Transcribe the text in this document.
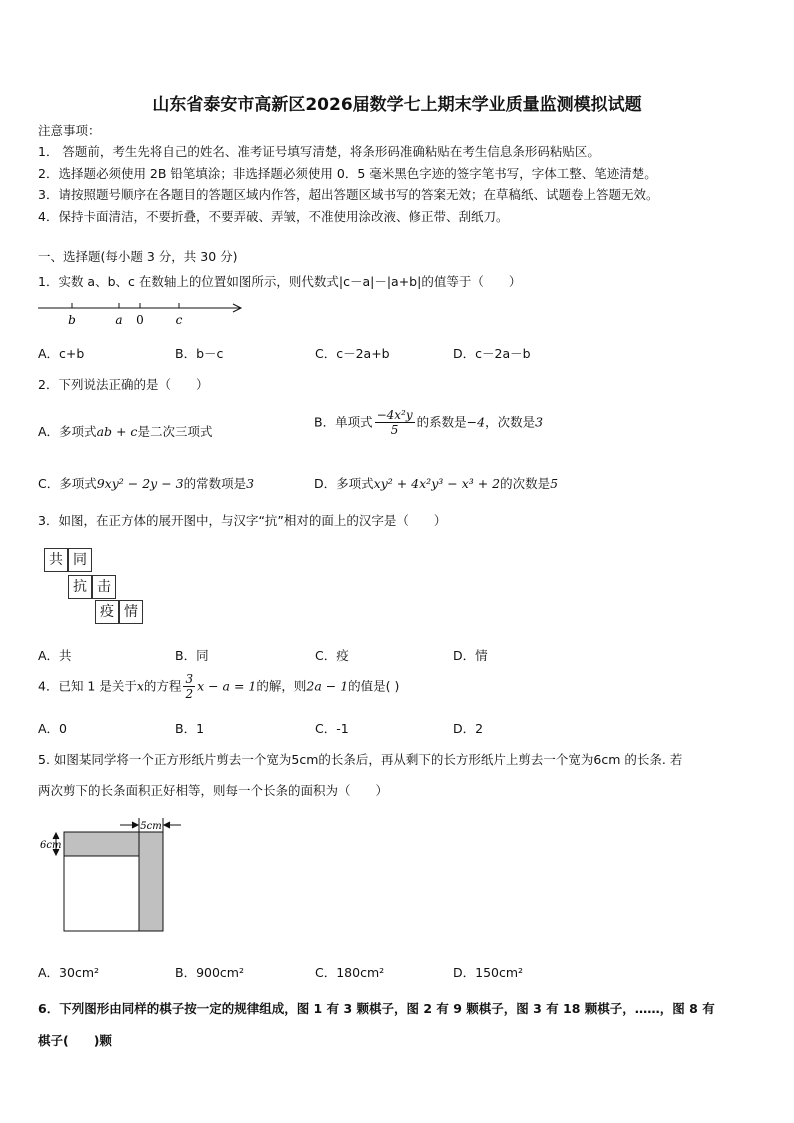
山东省泰安市高新区2026届数学七上期末学业质量监测模拟试题
注意事项：
1． 答题前，考生先将自己的姓名、准考证号填写清楚，将条形码准确粘贴在考生信息条形码粘贴区。
2．选择题必须使用 2B 铅笔填涂；非选择题必须使用 0．5 毫米黑色字迹的签字笔书写，字体工整、笔迹清楚。
3．请按照题号顺序在各题目的答题区域内作答，超出答题区域书写的答案无效；在草稿纸、试题卷上答题无效。
4．保持卡面清洁，不要折叠，不要弄破、弄皱，不准使用涂改液、修正带、刮纸刀。
一、选择题(每小题 3 分，共 30 分)
1．实数 a、b、c 在数轴上的位置如图所示，则代数式|c－a|－|a+b|的值等于（　　）
b	a 0	c
A．c+b	B．b－c	C．c－2a+b	D．c－2a－b
2．下列说法正确的是（　　）
A．多项式ab + c是二次三项式
B．单项式 $\frac{\text{−4x²y}}{5}$ 的系数是−4，次数是3
C．多项式9xy² − 2y − 3的常数项是3	D．多项式xy² + 4x²y³ − x³ + 2的次数是5
3．如图，在正方体的展开图中，与汉字“抗”相对的面上的汉字是（　　）
共 同
抗 击
疫 情
A．共	B．同	C．疫	D．情
4．已知 1 是关于x的方程 $\frac{3}{2}$ x − a = 1的解，则2a − 1的值是( )
A．0	B．1	C．-1	D．2
5. 如图某同学将一个正方形纸片剪去一个宽为5cm的长条后，再从剩下的长方形纸片上剪去一个宽为6cm 的长条. 若
两次剪下的长条面积正好相等，则每一个长条的面积为（　　）
5cm
6cm
A．30cm²	B．900cm²	C．180cm²	D．150cm²
6．下列图形由同样的棋子按一定的规律组成，图 1 有 3 颗棋子，图 2 有 9 颗棋子，图 3 有 18 颗棋子，……，图 8 有
棋子(　　)颗
